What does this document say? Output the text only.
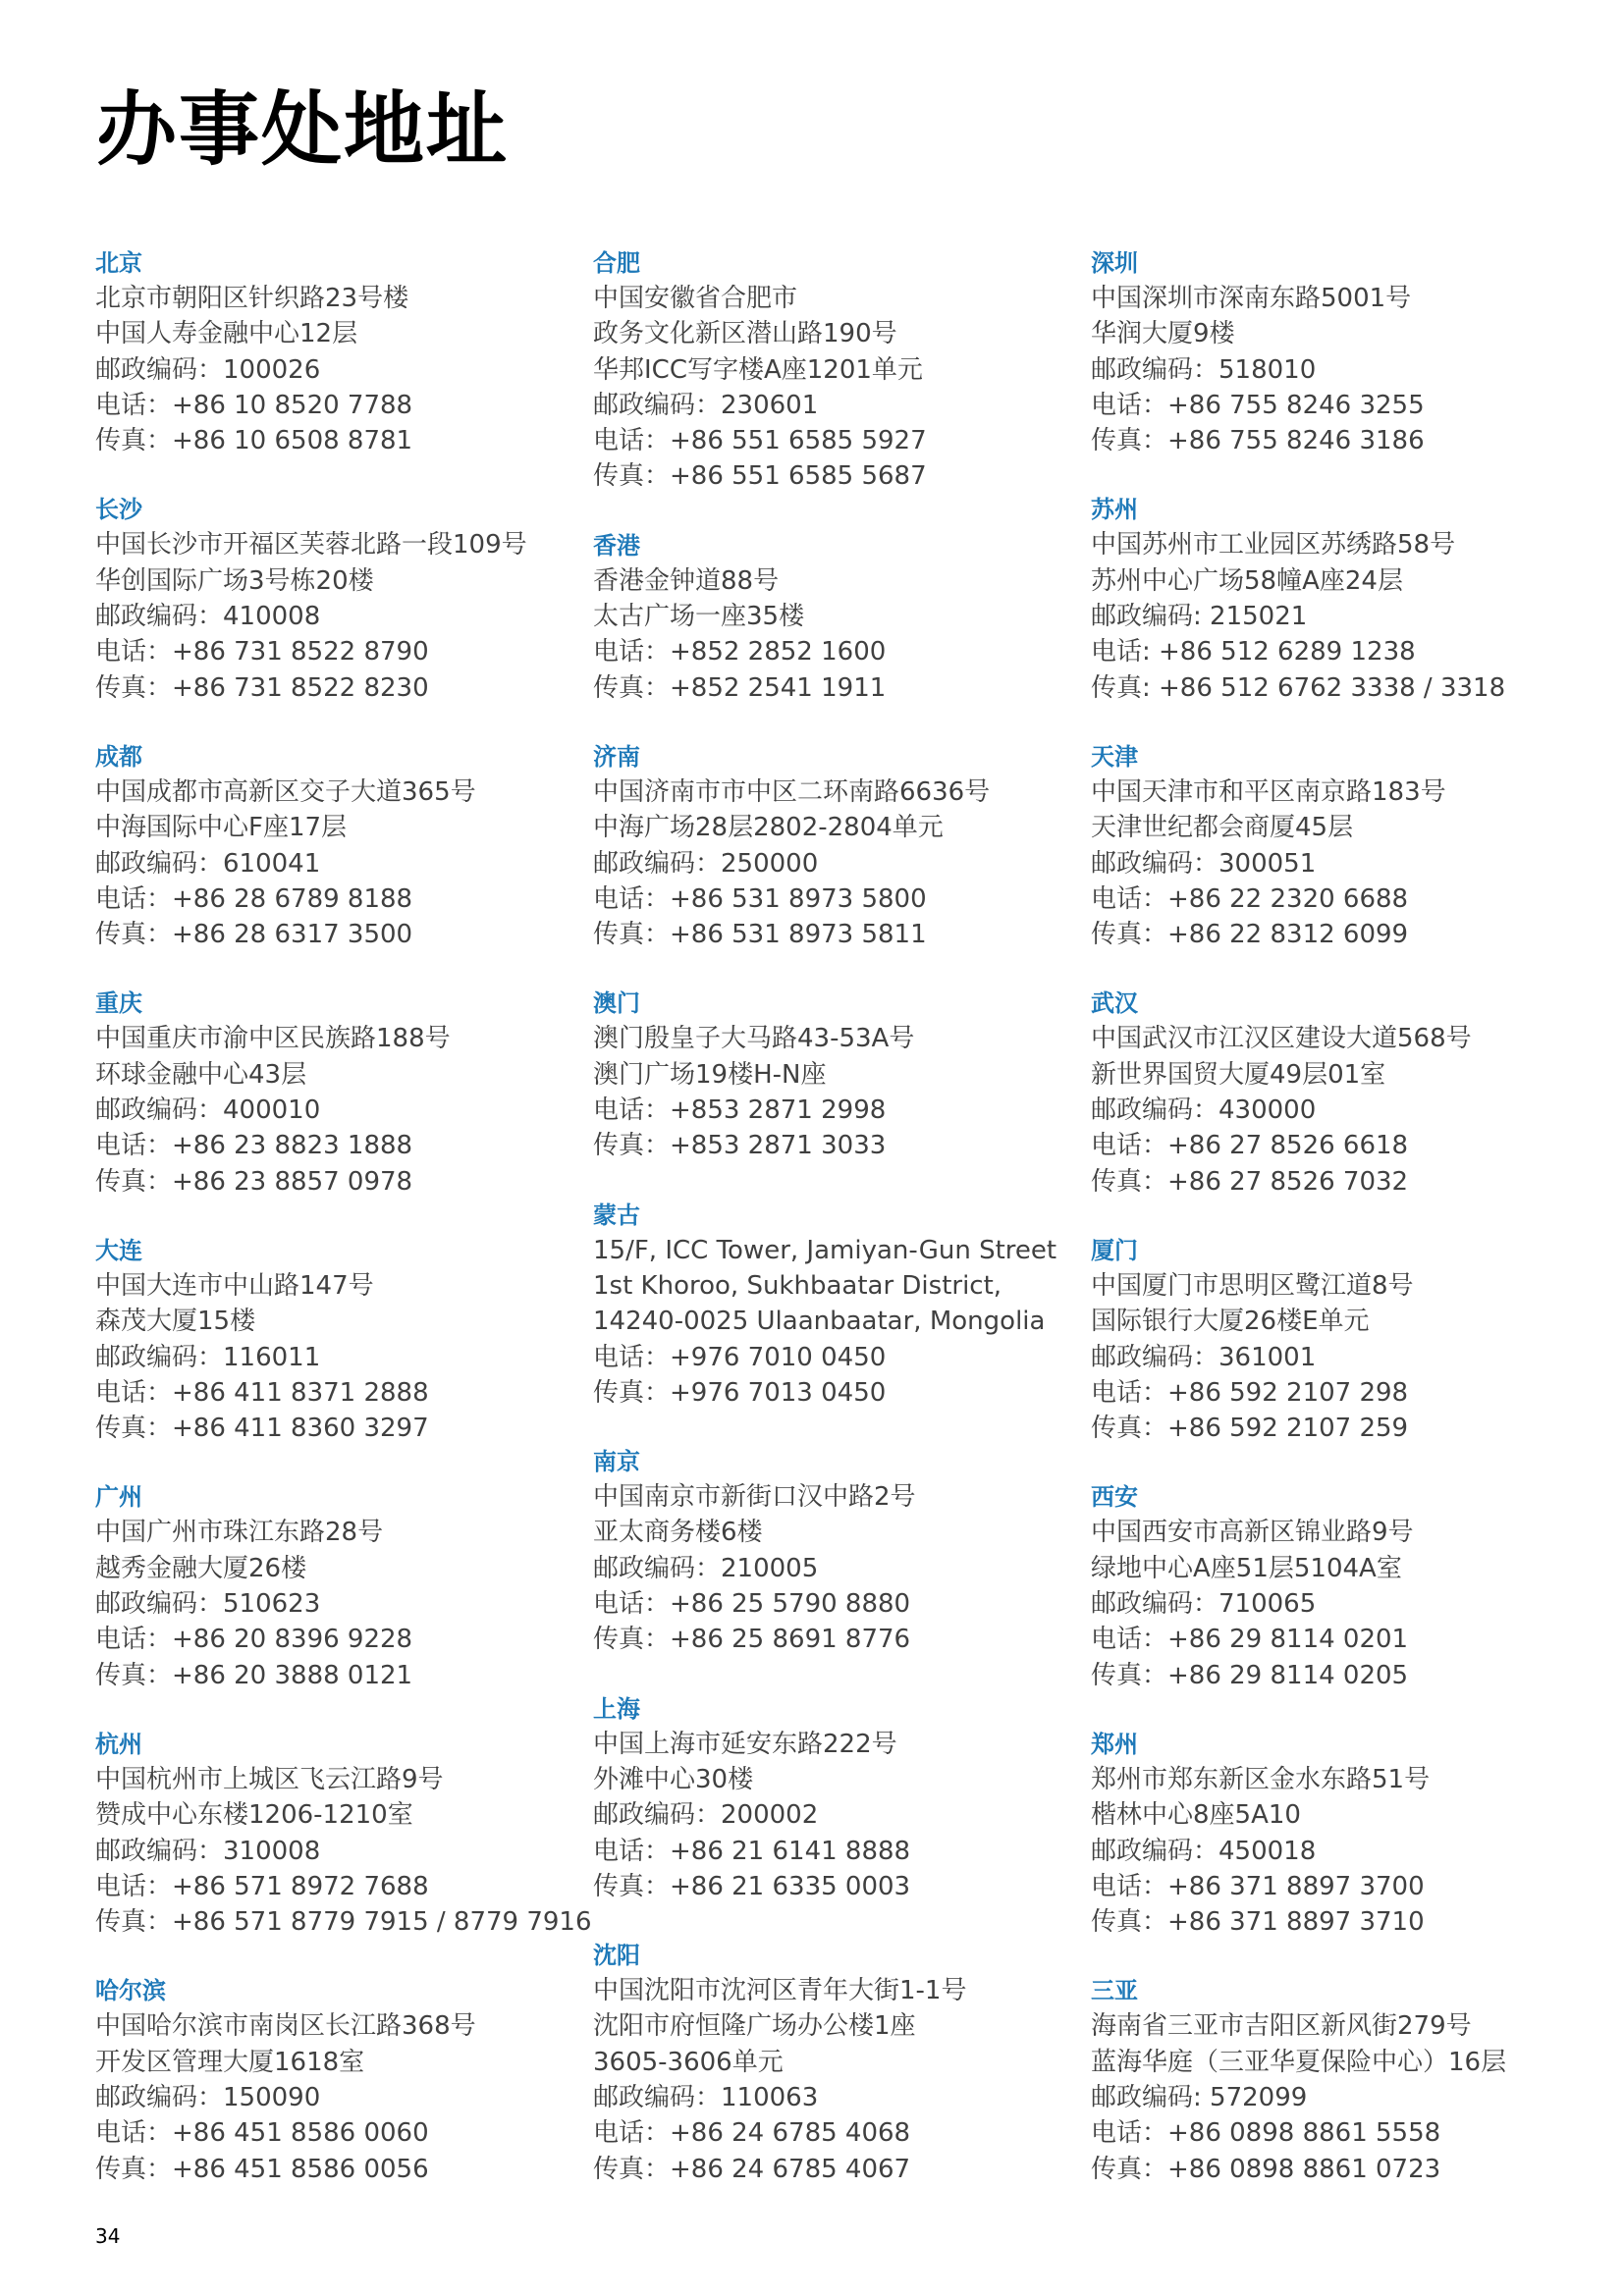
办事处地址
北京
北京市朝阳区针织路23号楼
中国人寿金融中心12层
邮政编码：100026
电话：+86 10 8520 7788
传真：+86 10 6508 8781
长沙
中国长沙市开福区芙蓉北路一段109号
华创国际广场3号栋20楼
邮政编码：410008
电话：+86 731 8522 8790
传真：+86 731 8522 8230
成都
中国成都市高新区交子大道365号
中海国际中心F座17层
邮政编码：610041
电话：+86 28 6789 8188
传真：+86 28 6317 3500
重庆
中国重庆市渝中区民族路188号
环球金融中心43层
邮政编码：400010
电话：+86 23 8823 1888
传真：+86 23 8857 0978
大连
中国大连市中山路147号
森茂大厦15楼
邮政编码：116011
电话：+86 411 8371 2888
传真：+86 411 8360 3297
广州
中国广州市珠江东路28号
越秀金融大厦26楼
邮政编码：510623
电话：+86 20 8396 9228
传真：+86 20 3888 0121
杭州
中国杭州市上城区飞云江路9号
赞成中心东楼1206-1210室
邮政编码：310008
电话：+86 571 8972 7688
传真：+86 571 8779 7915 / 8779 7916
哈尔滨
中国哈尔滨市南岗区长江路368号
开发区管理大厦1618室
邮政编码：150090
电话：+86 451 8586 0060
传真：+86 451 8586 0056
合肥
中国安徽省合肥市
政务文化新区潜山路190号
华邦ICC写字楼A座1201单元
邮政编码：230601
电话：+86 551 6585 5927
传真：+86 551 6585 5687
香港
香港金钟道88号
太古广场一座35楼
电话：+852 2852 1600
传真：+852 2541 1911
济南
中国济南市市中区二环南路6636号
中海广场28层2802-2804单元
邮政编码：250000
电话：+86 531 8973 5800
传真：+86 531 8973 5811
澳门
澳门殷皇子大马路43-53A号
澳门广场19楼H-N座
电话：+853 2871 2998
传真：+853 2871 3033
蒙古
15/F, ICC Tower, Jamiyan-Gun Street
1st Khoroo, Sukhbaatar District,
14240-0025 Ulaanbaatar, Mongolia
电话：+976 7010 0450
传真：+976 7013 0450
南京
中国南京市新街口汉中路2号
亚太商务楼6楼
邮政编码：210005
电话：+86 25 5790 8880
传真：+86 25 8691 8776
上海
中国上海市延安东路222号
外滩中心30楼
邮政编码：200002
电话：+86 21 6141 8888
传真：+86 21 6335 0003
沈阳
中国沈阳市沈河区青年大街1-1号
沈阳市府恒隆广场办公楼1座
3605-3606单元
邮政编码：110063
电话：+86 24 6785 4068
传真：+86 24 6785 4067
深圳
中国深圳市深南东路5001号
华润大厦9楼
邮政编码：518010
电话：+86 755 8246 3255
传真：+86 755 8246 3186
苏州
中国苏州市工业园区苏绣路58号
苏州中心广场58幢A座24层
邮政编码: 215021
电话: +86 512 6289 1238
传真: +86 512 6762 3338 / 3318
天津
中国天津市和平区南京路183号
天津世纪都会商厦45层
邮政编码：300051
电话：+86 22 2320 6688
传真：+86 22 8312 6099
武汉
中国武汉市江汉区建设大道568号
新世界国贸大厦49层01室
邮政编码：430000
电话：+86 27 8526 6618
传真：+86 27 8526 7032
厦门
中国厦门市思明区鹭江道8号
国际银行大厦26楼E单元
邮政编码：361001
电话：+86 592 2107 298
传真：+86 592 2107 259
西安
中国西安市高新区锦业路9号
绿地中心A座51层5104A室
邮政编码：710065
电话：+86 29 8114 0201
传真：+86 29 8114 0205
郑州
郑州市郑东新区金水东路51号
楷林中心8座5A10
邮政编码：450018
电话：+86 371 8897 3700
传真：+86 371 8897 3710
三亚
海南省三亚市吉阳区新风街279号
蓝海华庭（三亚华夏保险中心）16层
邮政编码: 572099
电话：+86 0898 8861 5558
传真：+86 0898 8861 0723
34
